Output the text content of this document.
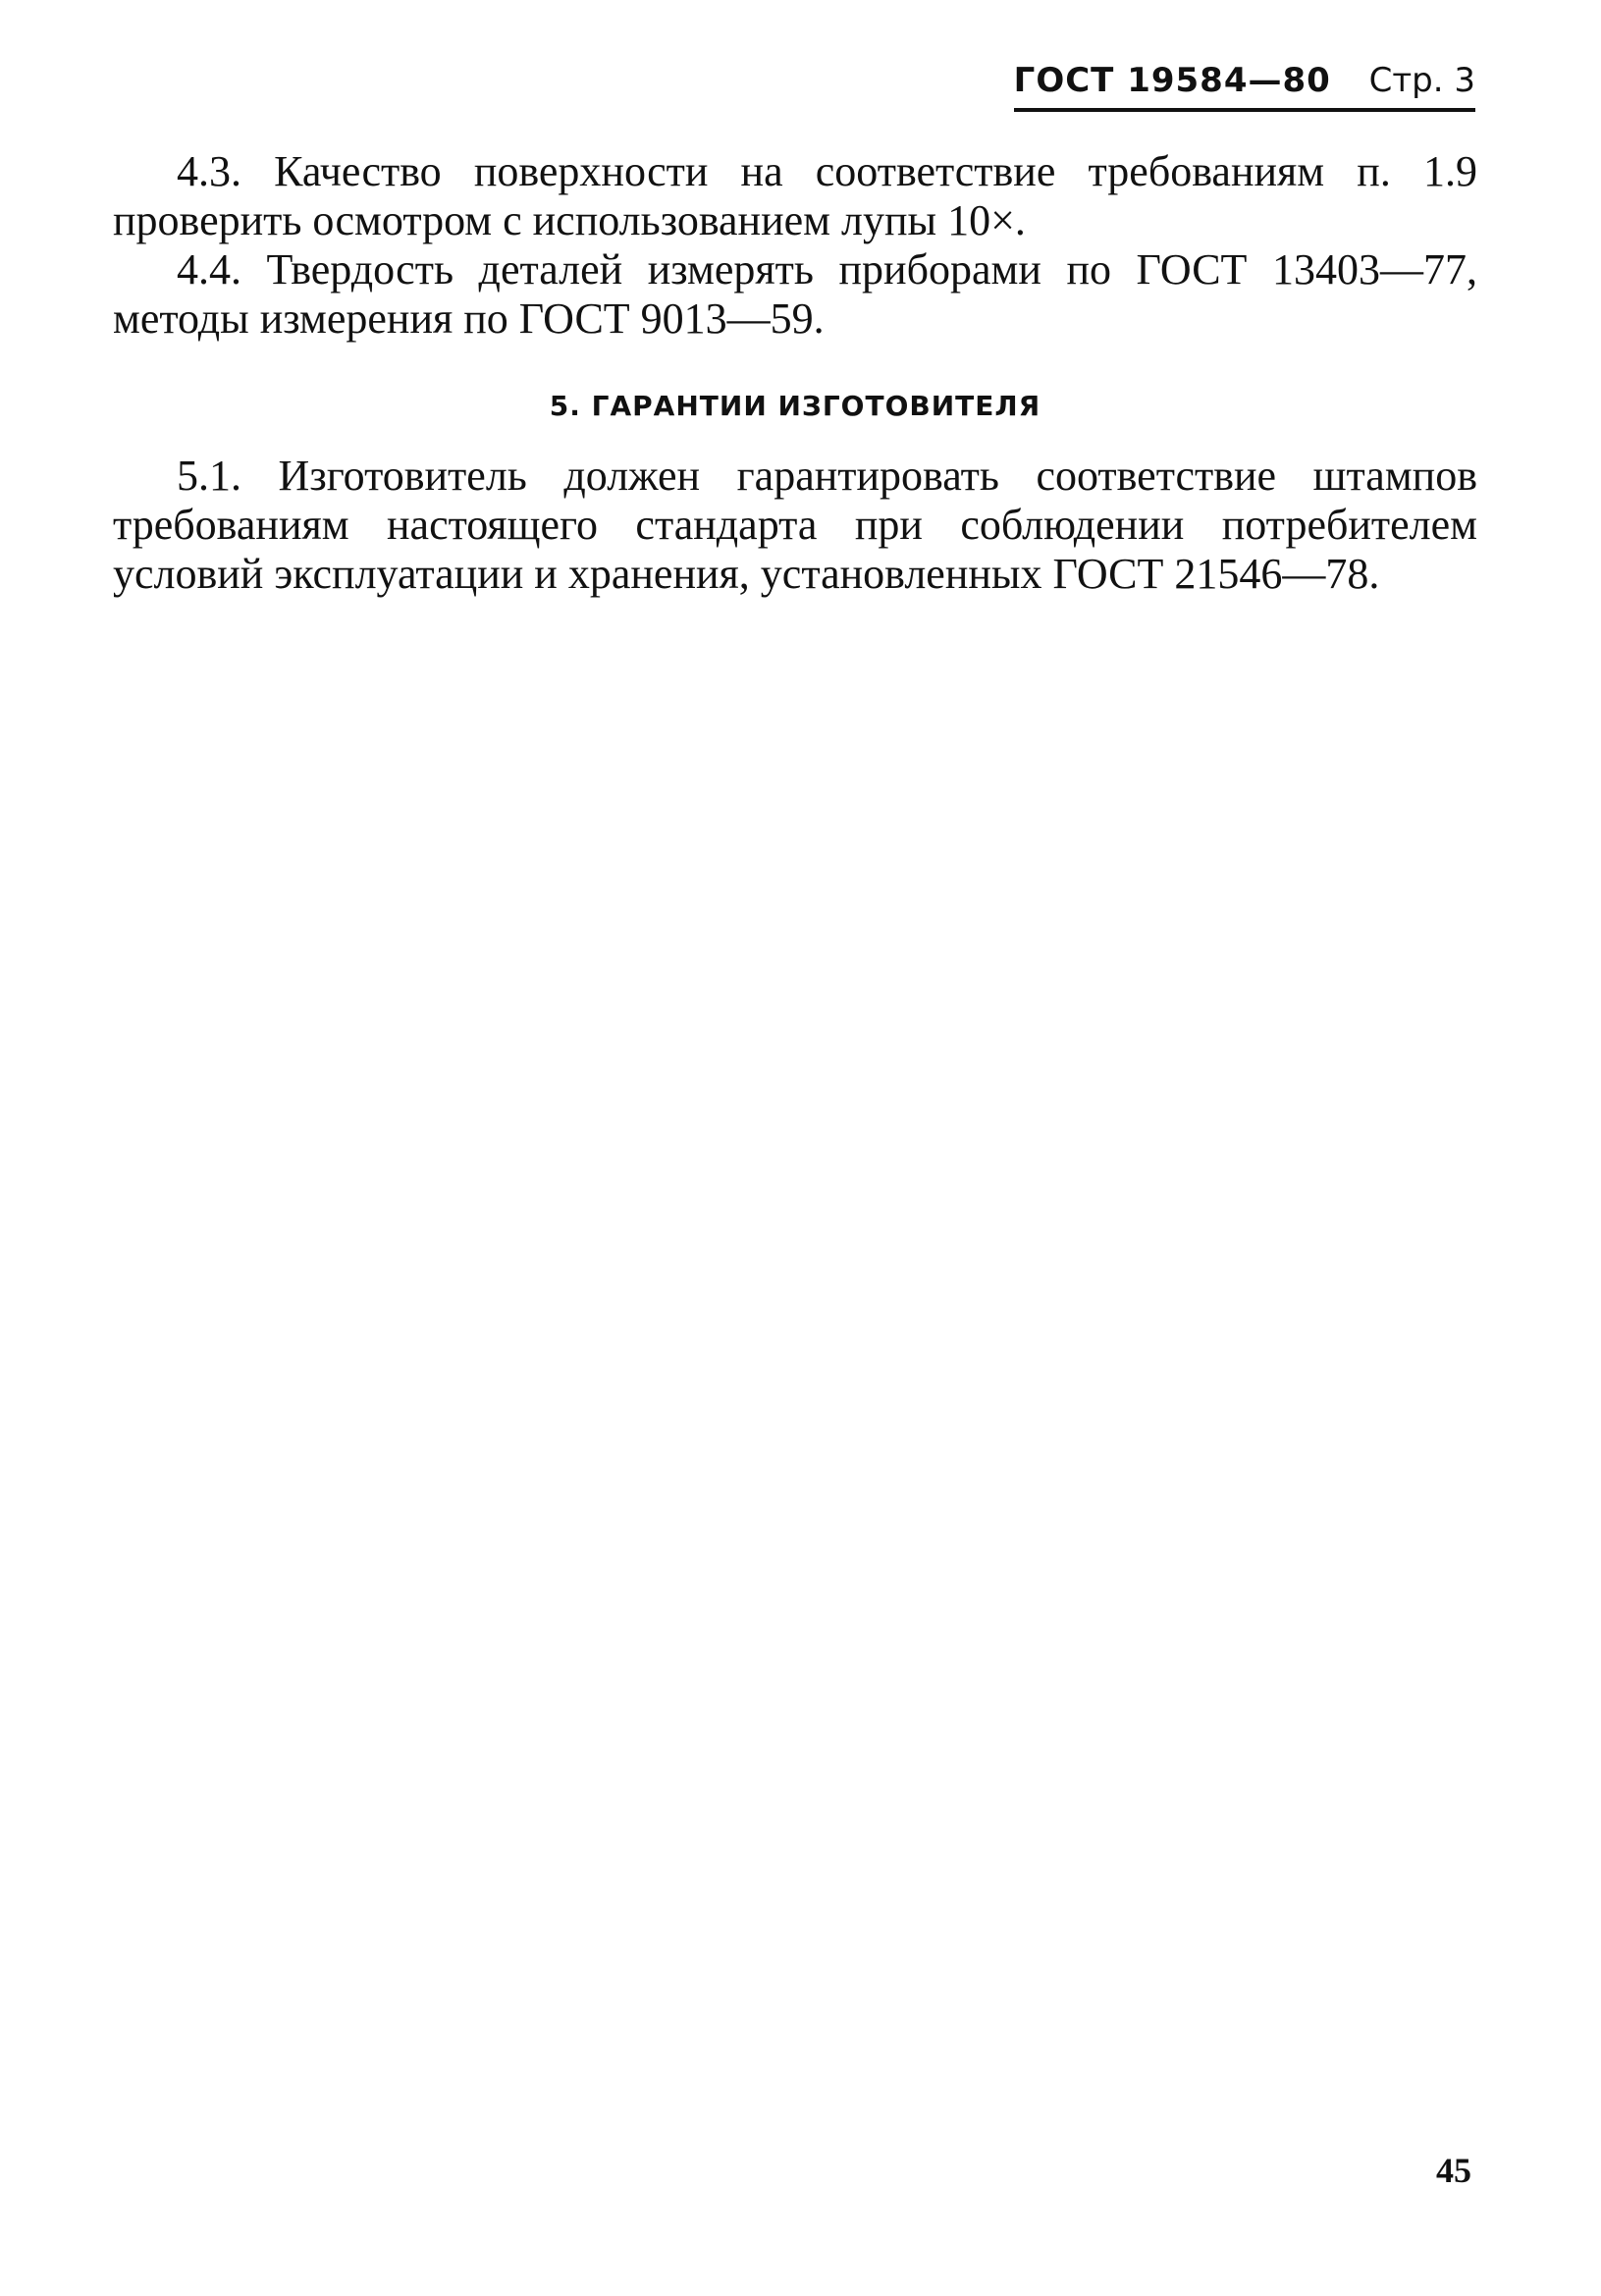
ГОСТ 19584—80 Стр. 3

4.3. Качество поверхности на соответствие требованиям п. 1.9 проверить осмотром с использованием лупы 10×.

4.4. Твердость деталей измерять приборами по ГОСТ 13403—77, методы измерения по ГОСТ 9013—59.

5. ГАРАНТИИ ИЗГОТОВИТЕЛЯ

5.1. Изготовитель должен гарантировать соответствие штампов требованиям настоящего стандарта при соблюдении потребителем условий эксплуатации и хранения, установленных ГОСТ 21546—78.

45
